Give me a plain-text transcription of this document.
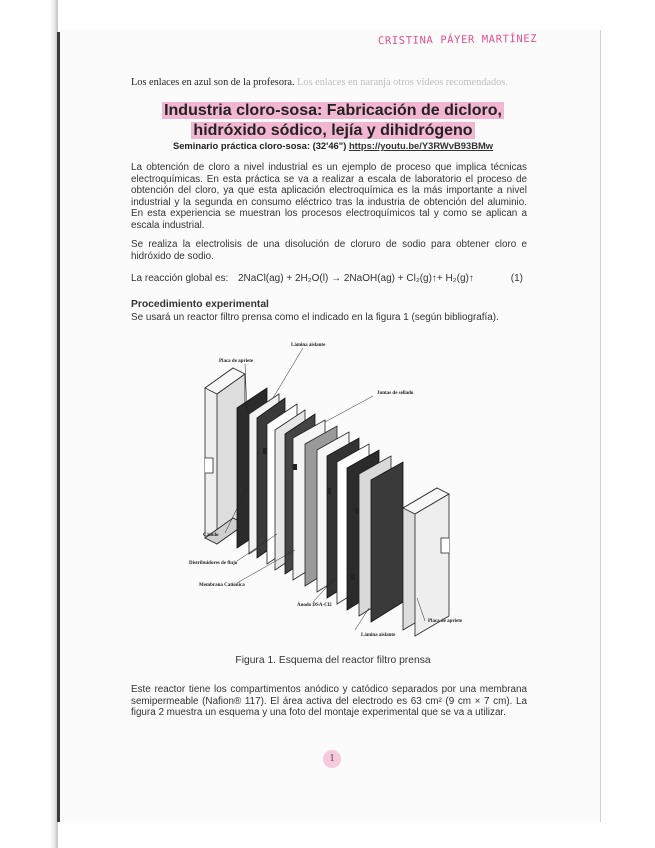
CRISTINA PÁYER MARTÍNEZ
Los enlaces en azul son de la profesora. Los enlaces en naranja otros vídeos recomendados.
Industria cloro-sosa: Fabricación de dicloro,
hidróxido sódico, lejía y dihidrógeno
Seminario práctica cloro-sosa: (32'46") https://youtu.be/Y3RWvB93BMw
La obtención de cloro a nivel industrial es un ejemplo de proceso que implica técnicas electroquímicas. En esta práctica se va a realizar a escala de laboratorio el proceso de obtención del cloro, ya que esta aplicación electroquímica es la más importante a nivel industrial y la segunda en consumo eléctrico tras la industria de obtención del aluminio. En esta experiencia se muestran los procesos electroquímicos tal y como se aplican a escala industrial.
Se realiza la electrolisis de una disolución de cloruro de sodio para obtener cloro e hidróxido de sodio.
La reacción global es: 2NaCl(ag) + 2H₂O(l) → 2NaOH(ag) + Cl₂(g)↑+ H₂(g)↑	(1)
Procedimiento experimental
Se usará un reactor filtro prensa como el indicado en la figura 1 (según bibliografía).
Lámina aislante
Placa de apriete
Juntas de sellado
Cátodo
Distribuidores de flujo
Membrana Catiónica
Ánodo DSA-Cl2
Placa de apriete
Lámina aislante
Figura 1. Esquema del reactor filtro prensa
Este reactor tiene los compartimentos anódico y catódico separados por una membrana semipermeable (Nafion® 117). El área activa del electrodo es 63 cm² (9 cm × 7 cm). La figura 2 muestra un esquema y una foto del montaje experimental que se va a utilizar.
1
